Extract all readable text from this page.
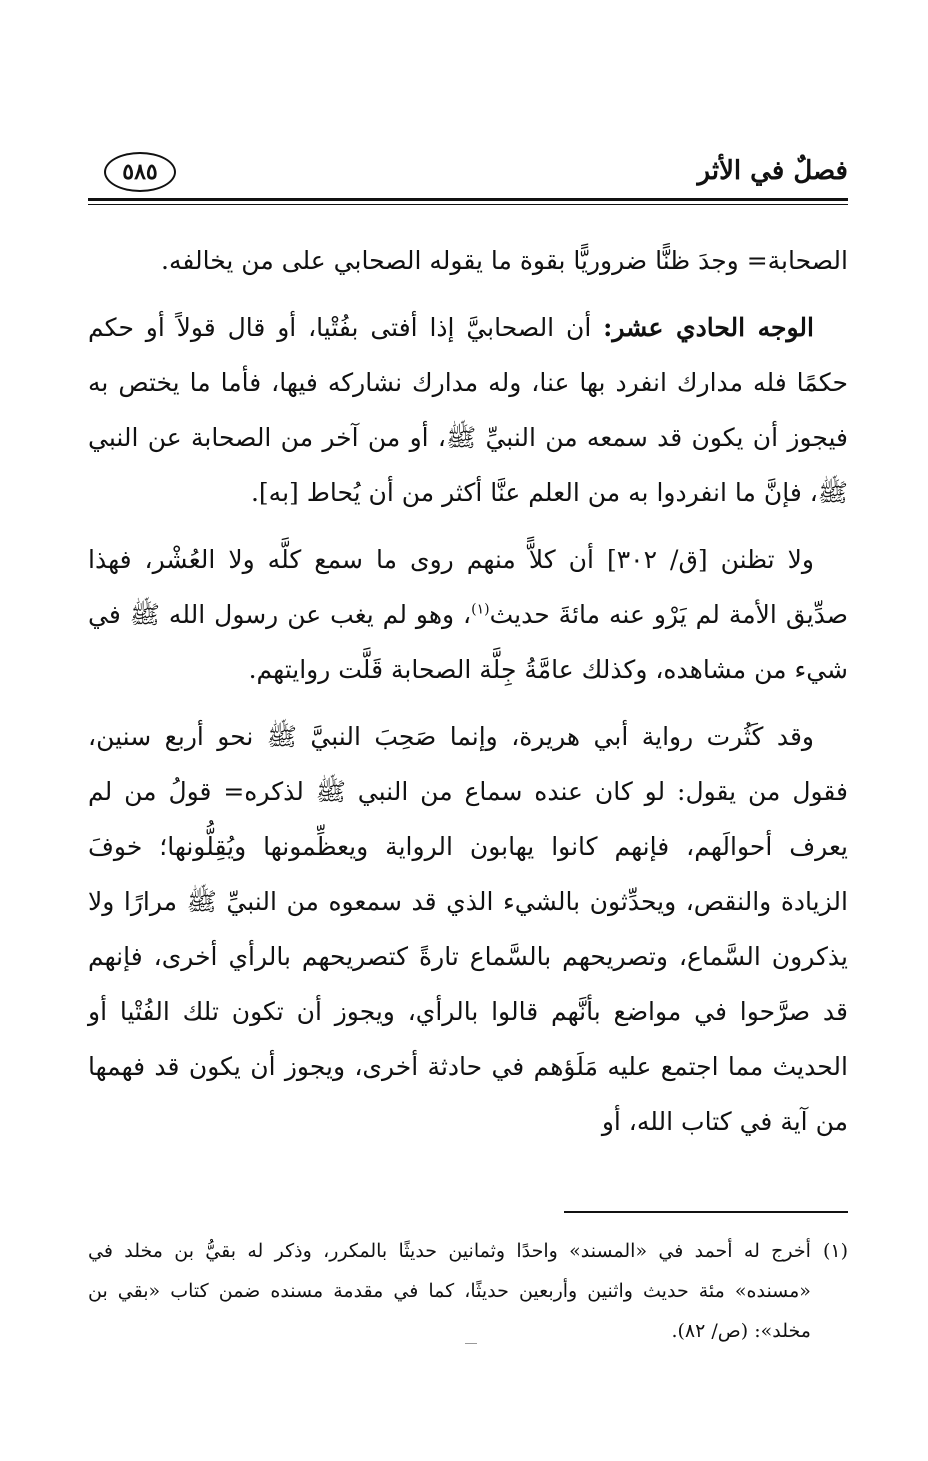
فصلٌ في الأثر
٥٨٥

الصحابة= وجدَ ظنًّا ضروريًّا بقوة ما يقوله الصحابي على من يخالفه.

الوجه الحادي عشر: أن الصحابيَّ إذا أفتى بفُتْيا، أو قال قولاً أو حكم حكمًا فله مدارك انفرد بها عنا، وله مدارك نشاركه فيها، فأما ما يختص به فيجوز أن يكون قد سمعه من النبيِّ ﷺ، أو من آخر من الصحابة عن النبي ﷺ، فإنَّ ما انفردوا به من العلم عنَّا أكثر من أن يُحاط [به].

ولا تظنن [ق/ ٣٠٢] أن كلاًّ منهم روى ما سمع كلَّه ولا العُشْر، فهذا صدِّيق الأمة لم يَرْو عنه مائةَ حديث$^{(١)}$، وهو لم يغب عن رسول الله ﷺ في شيء من مشاهده، وكذلك عامَّةُ جِلَّة الصحابة قَلَّت روايتهم.

وقد كَثُرت رواية أبي هريرة، وإنما صَحِبَ النبيَّ ﷺ نحو أربع سنين، فقول من يقول: لو كان عنده سماع من النبي ﷺ لذكره= قولُ من لم يعرف أحوالَهم، فإنهم كانوا يهابون الرواية ويعظِّمونها ويُقِلُّونها؛ خوفَ الزيادة والنقص، ويحدِّثون بالشيء الذي قد سمعوه من النبيِّ ﷺ مرارًا ولا يذكرون السَّماع، وتصريحهم بالسَّماع تارةً كتصريحهم بالرأي أخرى، فإنهم قد صرَّحوا في مواضع بأنَّهم قالوا بالرأي، ويجوز أن تكون تلك الفُتْيا أو الحديث مما اجتمع عليه مَلَؤهم في حادثة أخرى، ويجوز أن يكون قد فهمها من آية في كتاب الله، أو

(١)
أخرج له أحمد في «المسند» واحدًا وثمانين حديثًا بالمكرر، وذكر له بقيُّ بن مخلد في «مسنده» مئة حديث واثنين وأربعين حديثًا، كما في مقدمة مسنده ضمن كتاب «بقي بن مخلد»: (ص/ ٨٢).
